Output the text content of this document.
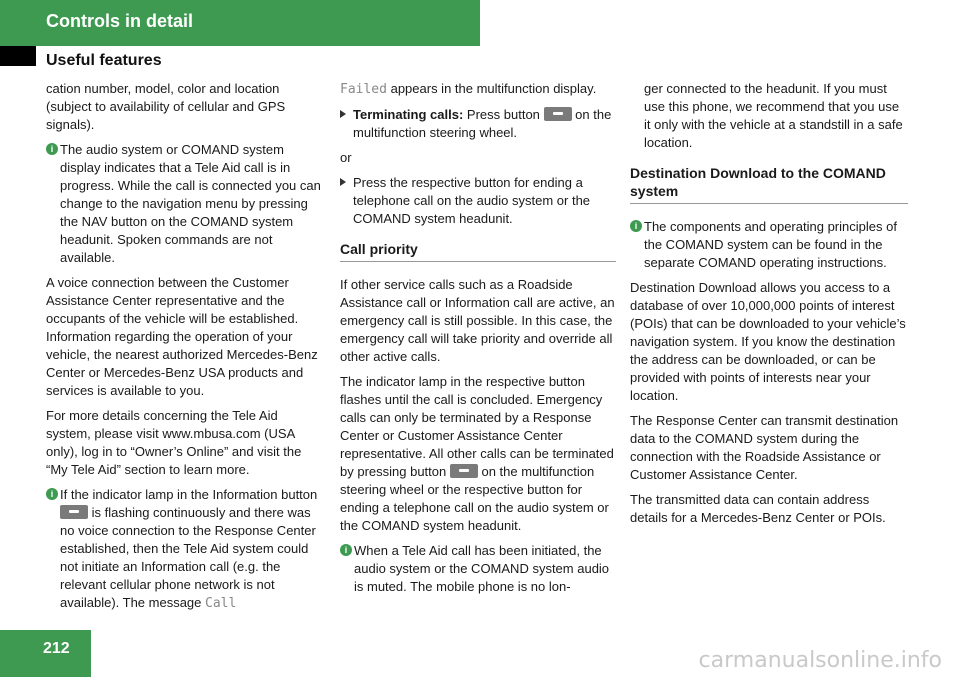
Controls in detail
Useful features

cation number, model, color and location (subject to availability of cellular and GPS signals).

i The audio system or COMAND system display indicates that a Tele Aid call is in progress. While the call is connected you can change to the navigation menu by pressing the NAV button on the COMAND system headunit. Spoken commands are not available.

A voice connection between the Customer Assistance Center representative and the occupants of the vehicle will be established. Information regarding the operation of your vehicle, the nearest authorized Mercedes-Benz Center or Mercedes-Benz USA products and services is available to you.

For more details concerning the Tele Aid system, please visit www.mbusa.com (USA only), log in to “Owner’s Online” and visit the “My Tele Aid” section to learn more.

i If the indicator lamp in the Information button  is flashing continuously and there was no voice connection to the Response Center established, then the Tele Aid system could not initiate an Information call (e.g. the relevant cellular phone network is not available). The message Call

Failed appears in the multifunction display.

Terminating calls: Press button	on the multifunction steering wheel.

or

Press the respective button for ending a telephone call on the audio system or the COMAND system headunit.
Call priority

If other service calls such as a Roadside Assistance call or Information call are active, an emergency call is still possible. In this case, the emergency call will take priority and override all other active calls.

The indicator lamp in the respective button flashes until the call is concluded. Emergency calls can only be terminated by a Response Center or Customer Assistance Center representative. All other calls can be terminated by pressing button	on the multifunction steering wheel or the respective button for ending a telephone call on the audio system or the COMAND system headunit.

i When a Tele Aid call has been initiated, the audio system or the COMAND system audio is muted. The mobile phone is no lon-

ger connected to the headunit. If you must use this phone, we recommend that you use it only with the vehicle at a standstill in a safe location.

Destination Download to the COMAND system
i The components and operating principles of the COMAND system can be found in the separate COMAND operating instructions.

Destination Download allows you access to a database of over 10,000,000 points of interest (POIs) that can be downloaded to your vehicle’s navigation system. If you know the destination the address can be downloaded, or can be provided with points of interests near your location.

The Response Center can transmit destination data to the COMAND system during the connection with the Roadside Assistance or Customer Assistance Center.

The transmitted data can contain address details for a Mercedes-Benz Center or POIs.

212	carmanualsonline.info
